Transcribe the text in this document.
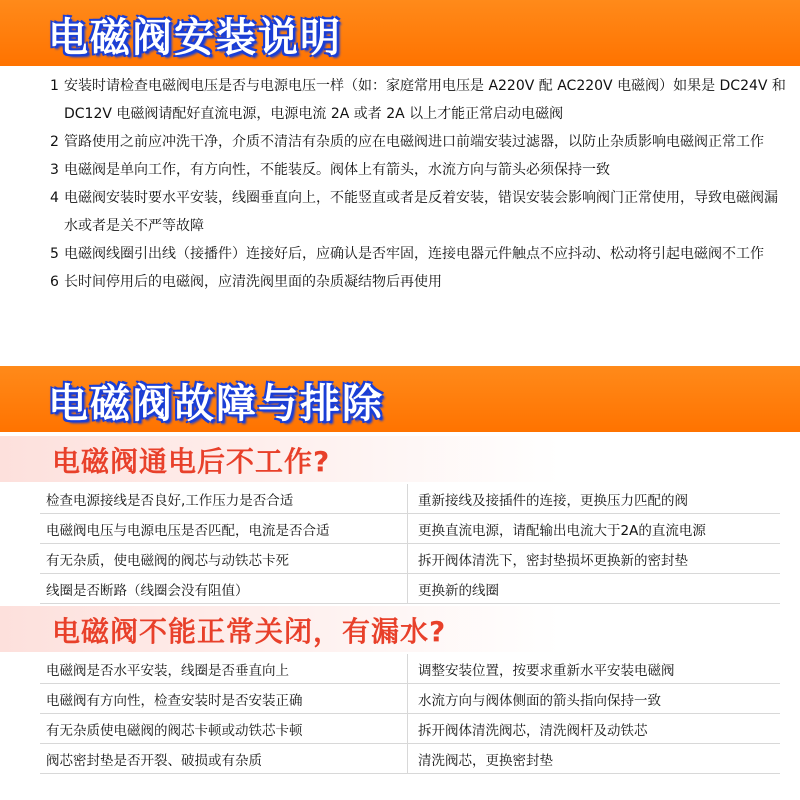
电磁阀安装说明
1 安装时请检查电磁阀电压是否与电源电压一样（如：家庭常用电压是 A220V 配 AC220V 电磁阀）如果是 DC24V 和 DC12V 电磁阀请配好直流电源，电源电流 2A 或者 2A 以上才能正常启动电磁阀
2 管路使用之前应冲洗干净，介质不清洁有杂质的应在电磁阀进口前端安装过滤器，以防止杂质影响电磁阀正常工作
3 电磁阀是单向工作，有方向性，不能装反。阀体上有箭头，水流方向与箭头必须保持一致
4 电磁阀安装时要水平安装，线圈垂直向上，不能竖直或者是反着安装，错误安装会影响阀门正常使用，导致电磁阀漏水或者是关不严等故障
5 电磁阀线圈引出线（接播件）连接好后，应确认是否牢固，连接电器元件触点不应抖动、松动将引起电磁阀不工作
6 长时间停用后的电磁阀，应清洗阀里面的杂质凝结物后再使用
电磁阀故障与排除
电磁阀通电后不工作?
检查电源接线是否良好,工作压力是否合适	重新接线及接插件的连接，更换压力匹配的阀
电磁阀电压与电源电压是否匹配，电流是否合适	更换直流电源，请配输出电流大于2A的直流电源
有无杂质，使电磁阀的阀芯与动铁芯卡死	拆开阀体清洗下，密封垫损坏更换新的密封垫
线圈是否断路（线圈会没有阻值）	更换新的线圈
电磁阀不能正常关闭，有漏水?
电磁阀是否水平安装，线圈是否垂直向上	调整安装位置，按要求重新水平安装电磁阀
电磁阀有方向性，检查安装时是否安装正确	水流方向与阀体侧面的箭头指向保持一致
有无杂质使电磁阀的阀芯卡顿或动铁芯卡顿	拆开阀体清洗阀芯，清洗阀杆及动铁芯
阀芯密封垫是否开裂、破损或有杂质	清洗阀芯，更换密封垫
